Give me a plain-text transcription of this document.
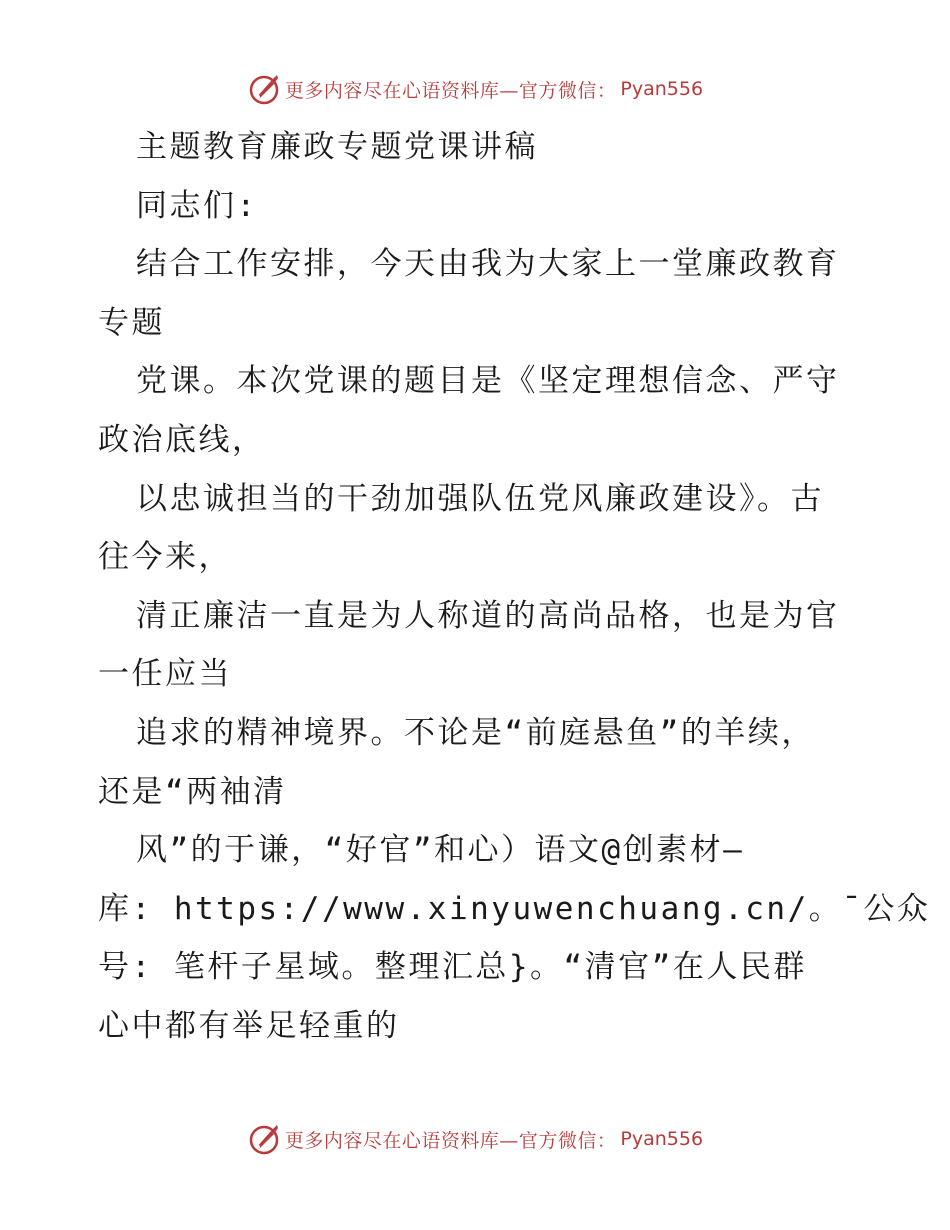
更多内容尽在心语资料库—官方微信： Pyan556
主题教育廉政专题党课讲稿
同志们:
结合工作安排，今天由我为大家上一堂廉政教育
专题
党课。本次党课的题目是《坚定理想信念、严守
政治底线，
以忠诚担当的干劲加强队伍党风廉政建设》。古
往今来，
清正廉洁一直是为人称道的高尚品格，也是为官
一任应当
追求的精神境界。不论是“前庭悬鱼”的羊续，
还是“两袖清
风”的于谦，“好官”和心）语文@创素材—
库: https://www.xinyuwenchuang.cn/。¯公众
号: 笔杆子星域。整理汇总}。“清官”在人民群
心中都有举足轻重的
更多内容尽在心语资料库—官方微信： Pyan556
